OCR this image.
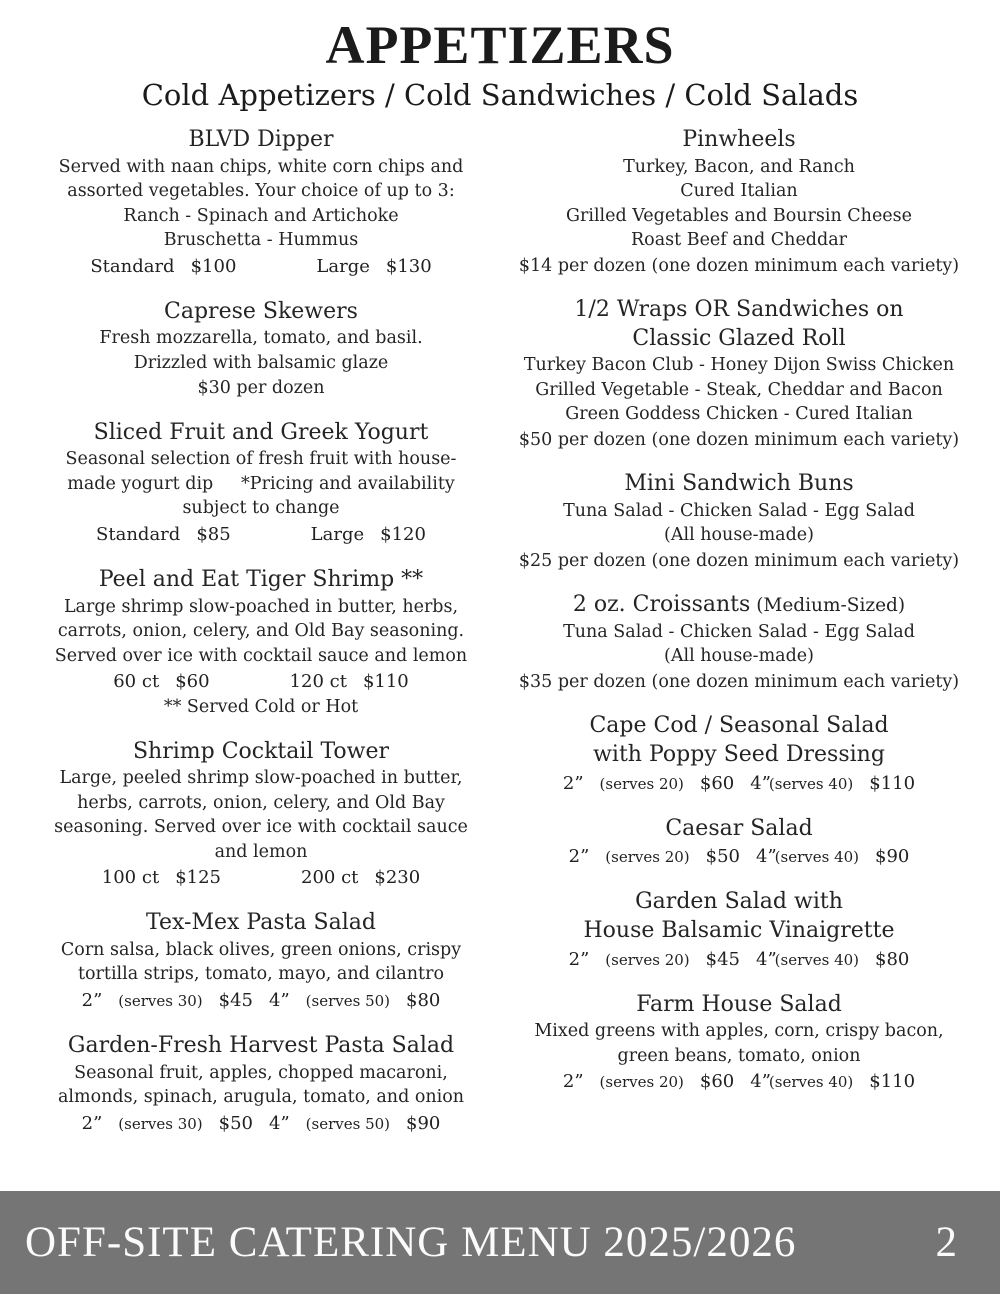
APPETIZERS
Cold Appetizers / Cold Sandwiches / Cold Salads
BLVD Dipper
Served with naan chips, white corn chips and
assorted vegetables. Your choice of up to 3:
Ranch - Spinach and Artichoke
Bruschetta - Hummus
Standard $100	Large $130
Caprese Skewers
Fresh mozzarella, tomato, and basil.
Drizzled with balsamic glaze
$30 per dozen
Sliced Fruit and Greek Yogurt
Seasonal selection of fresh fruit with house-
made yogurt dip     *Pricing and availability
subject to change
Standard $85	Large $120
Peel and Eat Tiger Shrimp **
Large shrimp slow-poached in butter, herbs,
carrots, onion, celery, and Old Bay seasoning.
Served over ice with cocktail sauce and lemon
60 ct $60	120 ct $110
** Served Cold or Hot
Shrimp Cocktail Tower
Large, peeled shrimp slow-poached in butter,
herbs, carrots, onion, celery, and Old Bay
seasoning. Served over ice with cocktail sauce
and lemon
100 ct $125	200 ct $230
Tex-Mex Pasta Salad
Corn salsa, black olives, green onions, crispy
tortilla strips, tomato, mayo, and cilantro
2” (serves 30) $45 4” (serves 50) $80
Garden-Fresh Harvest Pasta Salad
Seasonal fruit, apples, chopped macaroni,
almonds, spinach, arugula, tomato, and onion
2” (serves 30) $50 4” (serves 50) $90
Pinwheels
Turkey, Bacon, and Ranch
Cured Italian
Grilled Vegetables and Boursin Cheese
Roast Beef and Cheddar
$14 per dozen (one dozen minimum each variety)
1/2 Wraps OR Sandwiches on
Classic Glazed Roll
Turkey Bacon Club - Honey Dijon Swiss Chicken
Grilled Vegetable - Steak, Cheddar and Bacon
Green Goddess Chicken - Cured Italian
$50 per dozen (one dozen minimum each variety)
Mini Sandwich Buns
Tuna Salad - Chicken Salad - Egg Salad
(All house-made)
$25 per dozen (one dozen minimum each variety)
2 oz. Croissants (Medium-Sized)
Tuna Salad - Chicken Salad - Egg Salad
(All house-made)
$35 per dozen (one dozen minimum each variety)
Cape Cod / Seasonal Salad
with Poppy Seed Dressing
2” (serves 20) $60 4”(serves 40) $110
Caesar Salad
2” (serves 20) $50 4”(serves 40) $90
Garden Salad with
House Balsamic Vinaigrette
2” (serves 20) $45 4”(serves 40) $80
Farm House Salad
Mixed greens with apples, corn, crispy bacon,
green beans, tomato, onion
2” (serves 20) $60 4”(serves 40) $110
OFF-SITE CATERING MENU 2025/2026	2
